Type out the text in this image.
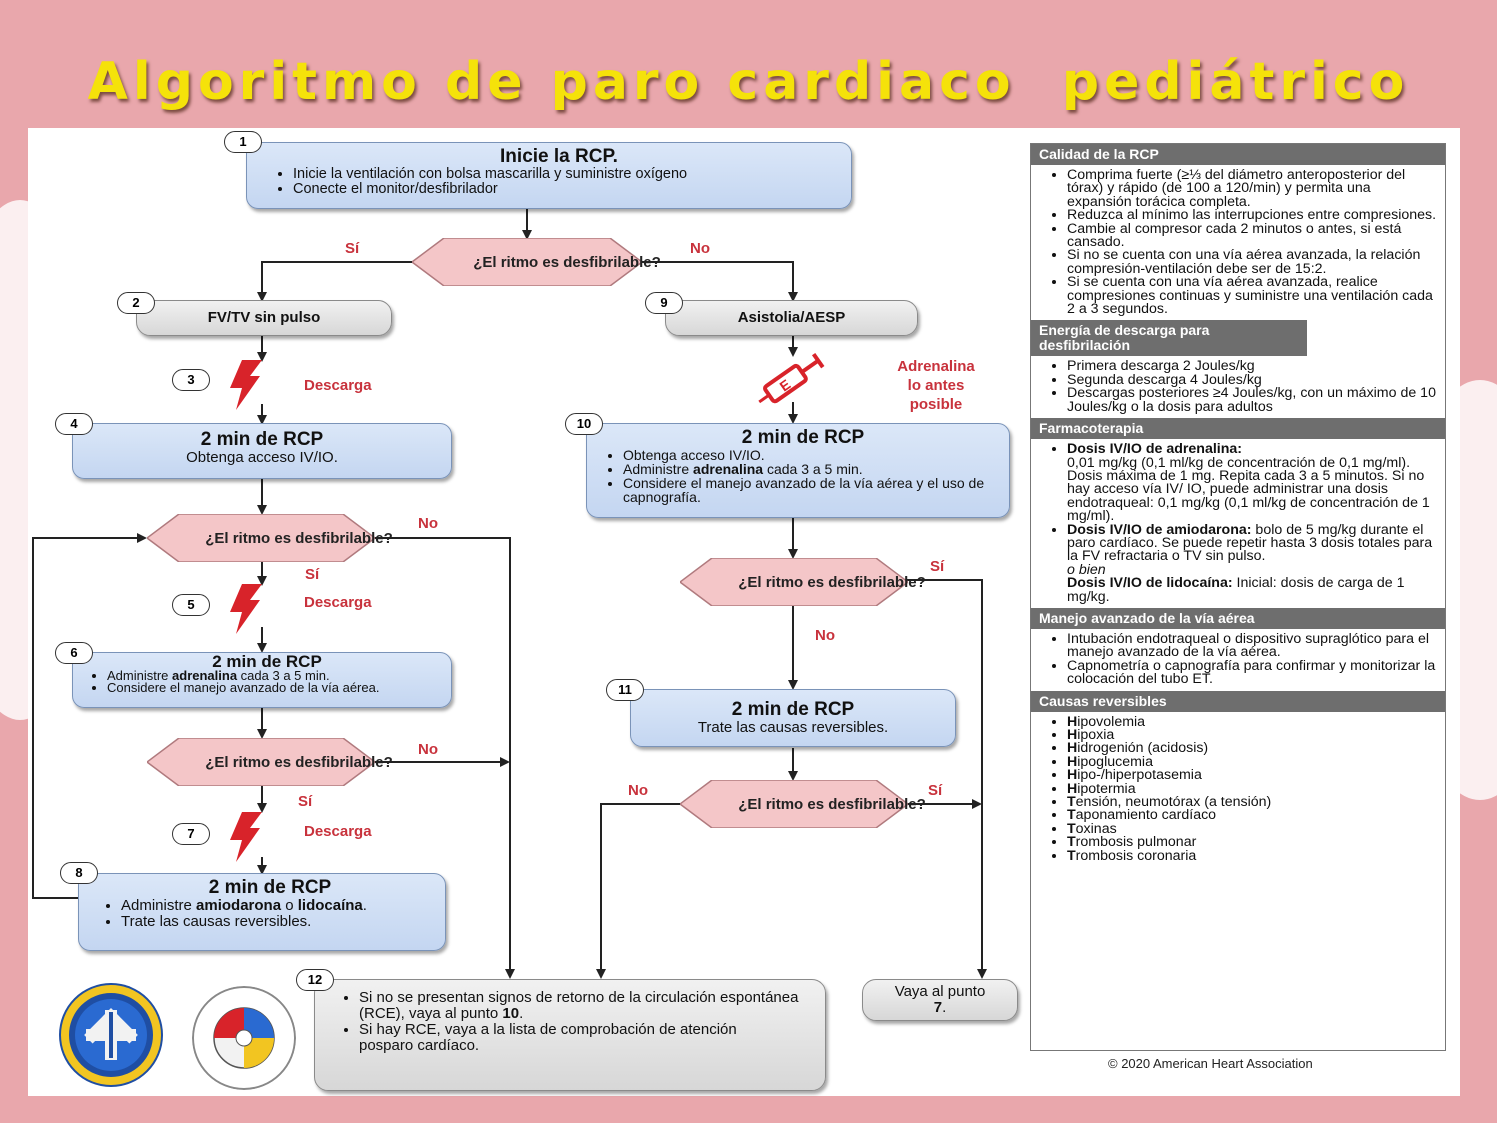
Algoritmo de paro cardiaco  pediátrico
Inicie la RCP.
• Inicie la ventilación con bolsa mascarilla y suministre oxígeno
• Conecte el monitor/desfibrilador
1
¿El ritmo es desfibrilable?
Sí	No
FV/TV sin pulso
2
Asistolia/AESP
9
3	Descarga	E
Adrenalina
lo antes
posible
2 min de RCP
Obtenga acceso IV/IO.
4
2 min de RCP
• Obtenga acceso IV/IO.
• Administre adrenalina cada 3 a 5 min.
• Considere el manejo avanzado de la vía aérea y el uso de capnografía.
10
¿El ritmo es desfibrilable?
No
Sí
5	Descarga
2 min de RCP
• Administre adrenalina cada 3 a 5 min.
• Considere el manejo avanzado de la vía aérea.
6
¿El ritmo es desfibrilable?
Sí
No
2 min de RCP
Trate las causas reversibles.
11
¿El ritmo es desfibrilable?
No
Sí	¿El ritmo es desfibrilable?
No	Sí
7	Descarga
2 min de RCP
• Administre amiodarona o lidocaína.
• Trate las causas reversibles.
8
• Si no se presentan signos de retorno de la circulación espontánea (RCE), vaya al punto 10.
• Si hay RCE, vaya a la lista de comprobación de atención posparo cardíaco.
12
Vaya al punto 7.
Calidad de la RCP
• Comprima fuerte (≥⅓ del diámetro anteroposterior del tórax) y rápido (de 100 a 120/min) y permita una expansión torácica completa.
• Reduzca al mínimo las interrupciones entre compresiones.
• Cambie al compresor cada 2 minutos o antes, si está cansado.
• Si no se cuenta con una vía aérea avanzada, la relación compresión-ventilación debe ser de 15:2.
• Si se cuenta con una vía aérea avanzada, realice compresiones continuas y suministre una ventilación cada 2 a 3 segundos.
Energía de descarga para desfibrilación
• Primera descarga 2 Joules/kg
• Segunda descarga 4 Joules/kg
• Descargas posteriores ≥4 Joules/kg, con un máximo de 10 Joules/kg o la dosis para adultos
Farmacoterapia
• Dosis IV/IO de adrenalina:
0,01 mg/kg (0,1 ml/kg de concentración de 0,1 mg/ml). Dosis máxima de 1 mg. Repita cada 3 a 5 minutos. Si no hay acceso vía IV/ IO, puede administrar una dosis endotraqueal: 0,1 mg/kg (0,1 ml/kg de concentración de 1 mg/ml).
• Dosis IV/IO de amiodarona: bolo de 5 mg/kg durante el paro cardíaco. Se puede repetir hasta 3 dosis totales para la FV refractaria o TV sin pulso.
o bien
Dosis IV/IO de lidocaína: Inicial: dosis de carga de 1 mg/kg.
Manejo avanzado de la vía aérea
• Intubación endotraqueal o dispositivo supraglótico para el manejo avanzado de la vía aérea.
• Capnometría o capnografía para confirmar y monitorizar la colocación del tubo ET.
Causas reversibles
• Hipovolemia
• Hipoxia
• Hidrogenión (acidosis)
• Hipoglucemia
• Hipo-/hiperpotasemia
• Hipotermia
• Tensión, neumotórax (a tensión)
• Taponamiento cardíaco
• Toxinas
• Trombosis pulmonar
• Trombosis coronaria
© 2020 American Heart Association
